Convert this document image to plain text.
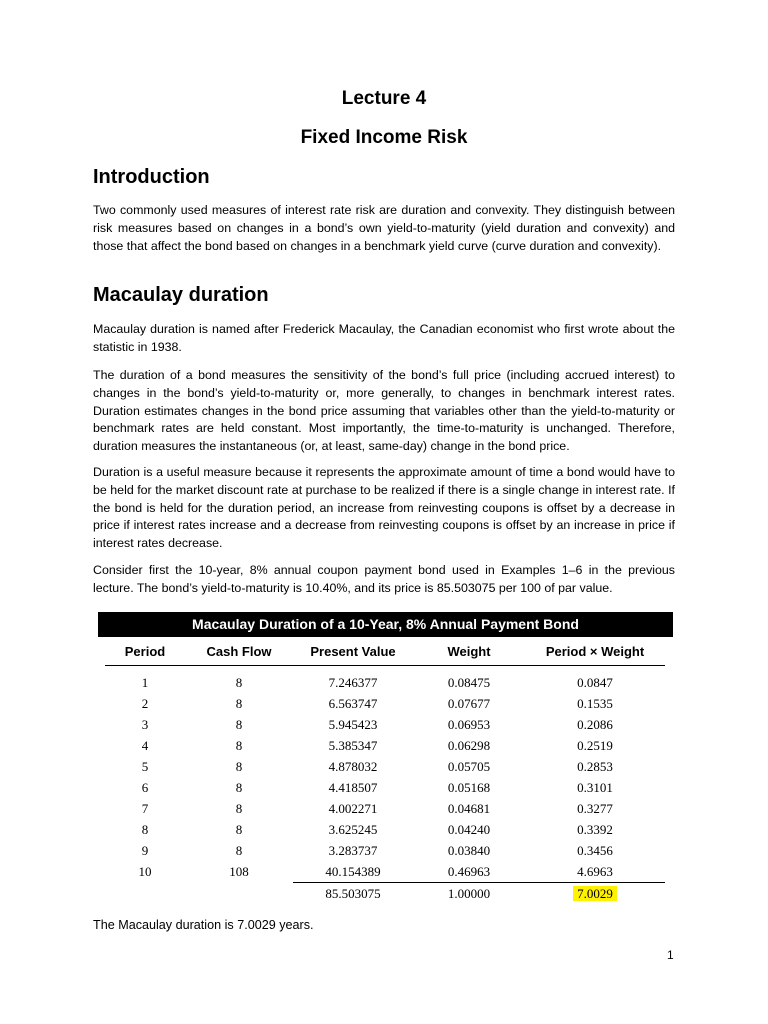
Lecture 4
Fixed Income Risk
Introduction

Two commonly used measures of interest rate risk are duration and convexity. They distinguish between risk measures based on changes in a bond’s own yield-to-maturity (yield duration and convexity) and those that affect the bond based on changes in a benchmark yield curve (curve duration and convexity).

Macaulay duration

Macaulay duration is named after Frederick Macaulay, the Canadian economist who first wrote about the statistic in 1938.

The duration of a bond measures the sensitivity of the bond’s full price (including accrued interest) to changes in the bond’s yield-to-maturity or, more generally, to changes in benchmark interest rates. Duration estimates changes in the bond price assuming that variables other than the yield-to-maturity or benchmark rates are held constant. Most importantly, the time-to-maturity is unchanged. Therefore, duration measures the instantaneous (or, at least, same-day) change in the bond price.

Duration is a useful measure because it represents the approximate amount of time a bond would have to be held for the market discount rate at purchase to be realized if there is a single change in interest rate. If the bond is held for the duration period, an increase from reinvesting coupons is offset by a decrease in price if interest rates increase and a decrease from reinvesting coupons is offset by an increase in price if interest rates decrease.

Consider first the 10-year, 8% annual coupon payment bond used in Examples 1–6 in the previous lecture. The bond’s yield-to-maturity is 10.40%, and its price is 85.503075 per 100 of par value.

Macaulay Duration of a 10-Year, 8% Annual Payment Bond
Period	Cash Flow	Present Value	Weight	Period × Weight
1	8	7.246377	0.08475	0.0847
2	8	6.563747	0.07677	0.1535
3	8	5.945423	0.06953	0.2086
4	8	5.385347	0.06298	0.2519
5	8	4.878032	0.05705	0.2853
6	8	4.418507	0.05168	0.3101
7	8	4.002271	0.04681	0.3277
8	8	3.625245	0.04240	0.3392
9	8	3.283737	0.03840	0.3456
10	108	40.154389	0.46963	4.6963
		85.503075	1.00000	7.0029
The Macaulay duration is 7.0029 years.
1
